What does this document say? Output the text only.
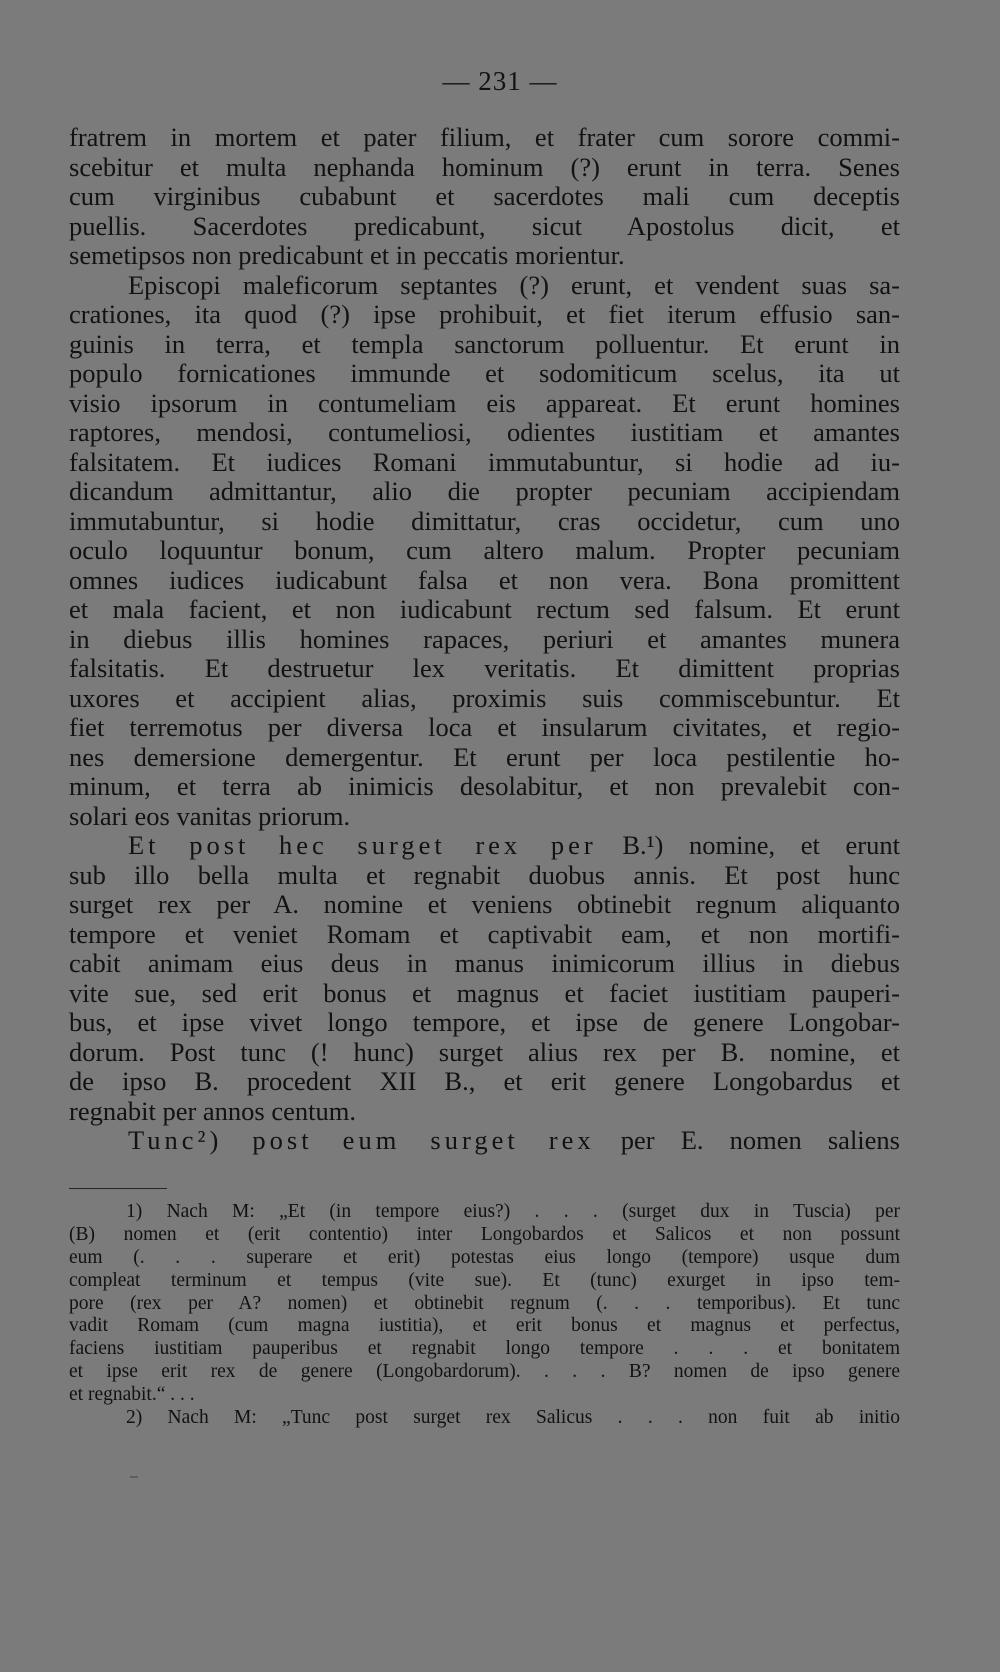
— 231 —
fratrem in mortem et pater filium, et frater cum sorore commi-
scebitur et multa nephanda hominum (?) erunt in terra. Senes
cum virginibus cubabunt et sacerdotes mali cum deceptis
puellis. Sacerdotes predicabunt, sicut Apostolus dicit, et
semetipsos non predicabunt et in peccatis morientur.
Episcopi maleficorum septantes (?) erunt, et vendent suas sa-
crationes, ita quod (?) ipse prohibuit, et fiet iterum effusio san-
guinis in terra, et templa sanctorum polluentur. Et erunt in
populo fornicationes immunde et sodomiticum scelus, ita ut
visio ipsorum in contumeliam eis appareat. Et erunt homines
raptores, mendosi, contumeliosi, odientes iustitiam et amantes
falsitatem. Et iudices Romani immutabuntur, si hodie ad iu-
dicandum admittantur, alio die propter pecuniam accipiendam
immutabuntur, si hodie dimittatur, cras occidetur, cum uno
oculo loquuntur bonum, cum altero malum. Propter pecuniam
omnes iudices iudicabunt falsa et non vera. Bona promittent
et mala facient, et non iudicabunt rectum sed falsum. Et erunt
in diebus illis homines rapaces, periuri et amantes munera
falsitatis. Et destruetur lex veritatis. Et dimittent proprias
uxores et accipient alias, proximis suis commiscebuntur. Et
fiet terremotus per diversa loca et insularum civitates, et regio-
nes demersione demergentur. Et erunt per loca pestilentie ho-
minum, et terra ab inimicis desolabitur, et non prevalebit con-
solari eos vanitas priorum.
Et post hec surget rex per B.¹) nomine, et erunt
sub illo bella multa et regnabit duobus annis. Et post hunc
surget rex per A. nomine et veniens obtinebit regnum aliquanto
tempore et veniet Romam et captivabit eam, et non mortifi-
cabit animam eius deus in manus inimicorum illius in diebus
vite sue, sed erit bonus et magnus et faciet iustitiam pauperi-
bus, et ipse vivet longo tempore, et ipse de genere Longobar-
dorum. Post tunc (! hunc) surget alius rex per B. nomine, et
de ipso B. procedent XII B., et erit genere Longobardus et
regnabit per annos centum.
Tunc²) post eum surget rex per E. nomen saliens
1) Nach M: „Et (in tempore eius?) . . . (surget dux in Tuscia) per
(B) nomen et (erit contentio) inter Longobardos et Salicos et non possunt
eum (. . . superare et erit) potestas eius longo (tempore) usque dum
compleat terminum et tempus (vite sue). Et (tunc) exurget in ipso tem-
pore (rex per A? nomen) et obtinebit regnum (. . . temporibus). Et tunc
vadit Romam (cum magna iustitia), et erit bonus et magnus et perfectus,
faciens iustitiam pauperibus et regnabit longo tempore . . . et bonitatem
et ipse erit rex de genere (Longobardorum). . . . B? nomen de ipso genere
et regnabit.“ . . .
2) Nach M: „Tunc post surget rex Salicus . . . non fuit ab initio
